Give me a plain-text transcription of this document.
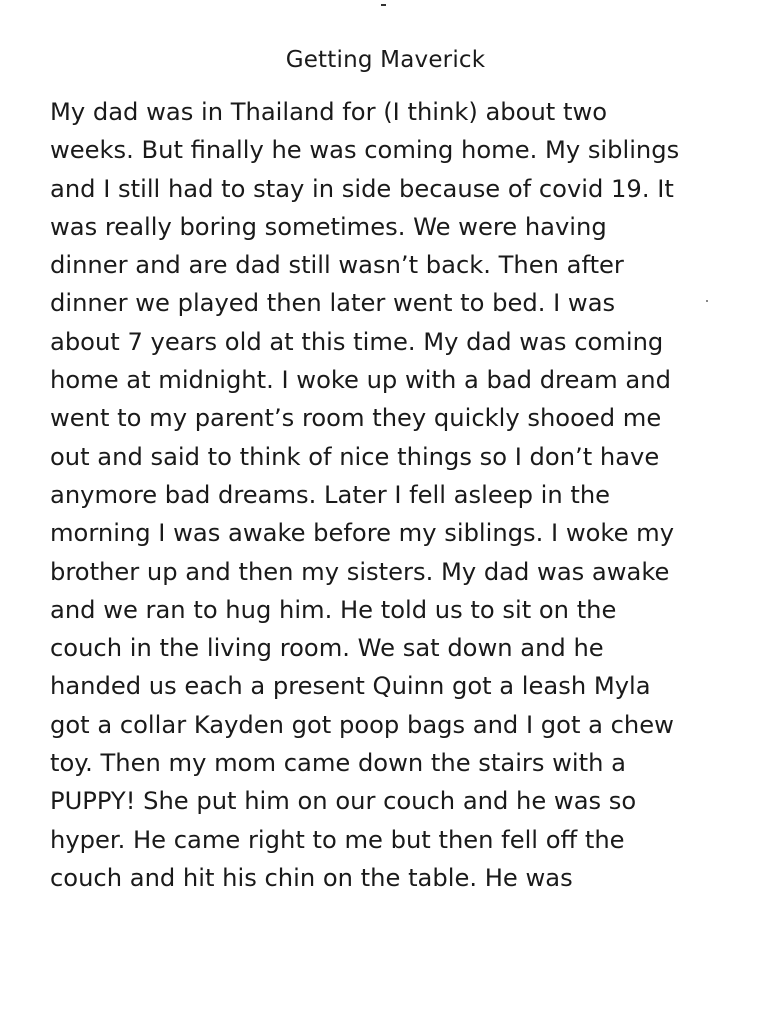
Getting Maverick
My dad was in Thailand for (I think) about two
weeks. But finally he was coming home. My siblings
and I still had to stay in side because of covid 19. It
was really boring sometimes. We were having
dinner and are dad still wasn’t back. Then after
dinner we played then later went to bed. I was
about 7 years old at this time. My dad was coming
home at midnight. I woke up with a bad dream and
went to my parent’s room they quickly shooed me
out and said to think of nice things so I don’t have
anymore bad dreams. Later I fell asleep in the
morning I was awake before my siblings. I woke my
brother up and then my sisters. My dad was awake
and we ran to hug him. He told us to sit on the
couch in the living room. We sat down and he
handed us each a present Quinn got a leash Myla
got a collar Kayden got poop bags and I got a chew
toy. Then my mom came down the stairs with a
PUPPY! She put him on our couch and he was so
hyper. He came right to me but then fell off the
couch and hit his chin on the table. He was
